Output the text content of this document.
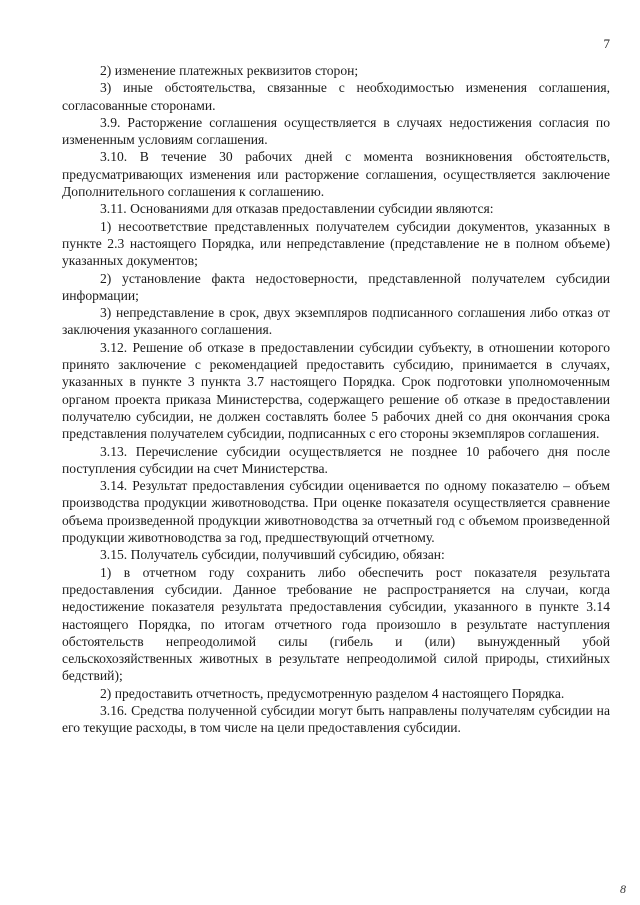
7

2) изменение платежных реквизитов сторон;

3) иные обстоятельства, связанные с необходимостью изменения соглашения, согласованные сторонами.

3.9. Расторжение соглашения осуществляется в случаях недостижения согласия по измененным условиям соглашения.

3.10. В течение 30 рабочих дней с момента возникновения обстоятельств, предусматривающих изменения или расторжение соглашения, осуществляется заключение Дополнительного соглашения к соглашению.

3.11. Основаниями для отказав предоставлении субсидии являются:

1) несоответствие представленных получателем субсидии документов, указанных в пункте 2.3 настоящего Порядка, или непредставление (представление не в полном объеме) указанных документов;

2) установление факта недостоверности, представленной получателем субсидии информации;

3) непредставление в срок, двух экземпляров подписанного соглашения либо отказ от заключения указанного соглашения.

3.12. Решение об отказе в предоставлении субсидии субъекту, в отношении которого принято заключение с рекомендацией предоставить субсидию, принимается в случаях, указанных в пункте 3 пункта 3.7 настоящего Порядка. Срок подготовки уполномоченным органом проекта приказа Министерства, содержащего решение об отказе в предоставлении получателю субсидии, не должен составлять более 5 рабочих дней со дня окончания срока представления получателем субсидии, подписанных с его стороны экземпляров соглашения.

3.13. Перечисление субсидии осуществляется не позднее 10 рабочего дня после поступления субсидии на счет Министерства.

3.14. Результат предоставления субсидии оценивается по одному показателю – объем производства продукции животноводства. При оценке показателя осуществляется сравнение объема произведенной продукции животноводства за отчетный год с объемом произведенной продукции животноводства за год, предшествующий отчетному.

3.15. Получатель субсидии, получивший субсидию, обязан:

1) в отчетном году сохранить либо обеспечить рост показателя результата предоставления субсидии. Данное требование не распространяется на случаи, когда недостижение показателя результата предоставления субсидии, указанного в пункте 3.14 настоящего Порядка, по итогам отчетного года произошло в результате наступления обстоятельств непреодолимой силы (гибель и (или) вынужденный убой сельскохозяйственных животных в результате непреодолимой силой природы, стихийных бедствий);

2) предоставить отчетность, предусмотренную разделом 4 настоящего Порядка.

3.16. Средства полученной субсидии могут быть направлены получателям субсидии на его текущие расходы, в том числе на цели предоставления субсидии.

8
